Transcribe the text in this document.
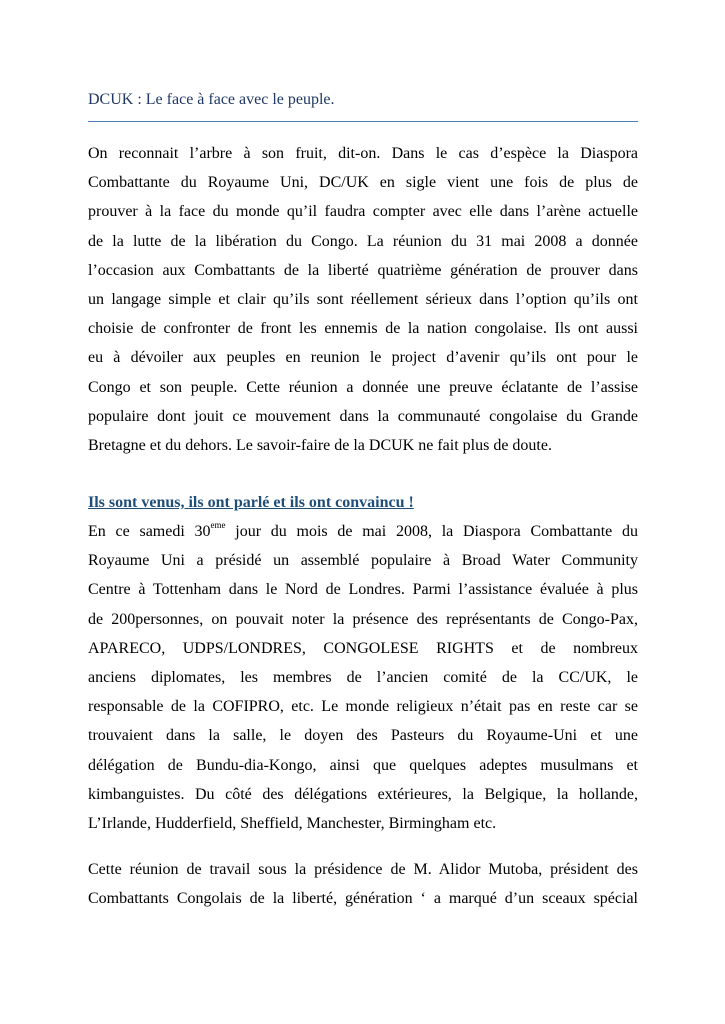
DCUK : Le face à face avec le peuple.
On reconnait l’arbre à son fruit, dit-on. Dans le cas d’espèce la Diaspora
Combattante du Royaume Uni, DC/UK en sigle vient une fois de plus de
prouver à la face du monde qu’il faudra compter avec elle dans l’arène actuelle
de la lutte de la libération du Congo. La réunion du 31 mai 2008 a donnée
l’occasion aux Combattants de la liberté quatrième génération de prouver dans
un langage simple et clair qu’ils sont réellement sérieux dans l’option qu’ils ont
choisie de confronter de front les ennemis de la nation congolaise. Ils ont aussi
eu à dévoiler aux peuples en reunion le project d’avenir qu’ils ont pour le
Congo et son peuple. Cette réunion a donnée une preuve éclatante de l’assise
populaire dont jouit ce mouvement dans la communauté congolaise du Grande
Bretagne et du dehors. Le savoir-faire de la DCUK ne fait plus de doute.
Ils sont venus, ils ont parlé et ils ont convaincu !
En ce samedi 30eme jour du mois de mai 2008, la Diaspora Combattante du
Royaume Uni a présidé un assemblé populaire à Broad Water Community
Centre à Tottenham dans le Nord de Londres. Parmi l’assistance évaluée à plus
de 200personnes, on pouvait noter la présence des représentants de Congo-Pax,
APARECO, UDPS/LONDRES, CONGOLESE RIGHTS et de nombreux
anciens diplomates, les membres de l’ancien comité de la CC/UK, le
responsable de la COFIPRO, etc. Le monde religieux n’était pas en reste car se
trouvaient dans la salle, le doyen des Pasteurs du Royaume-Uni et une
délégation de Bundu-dia-Kongo, ainsi que quelques adeptes musulmans et
kimbanguistes. Du côté des délégations extérieures, la Belgique, la hollande,
L’Irlande, Hudderfield, Sheffield, Manchester, Birmingham etc.
Cette réunion de travail sous la présidence de M. Alidor Mutoba, président des
Combattants Congolais de la liberté, génération ‘ a marqué d’un sceaux spécial
